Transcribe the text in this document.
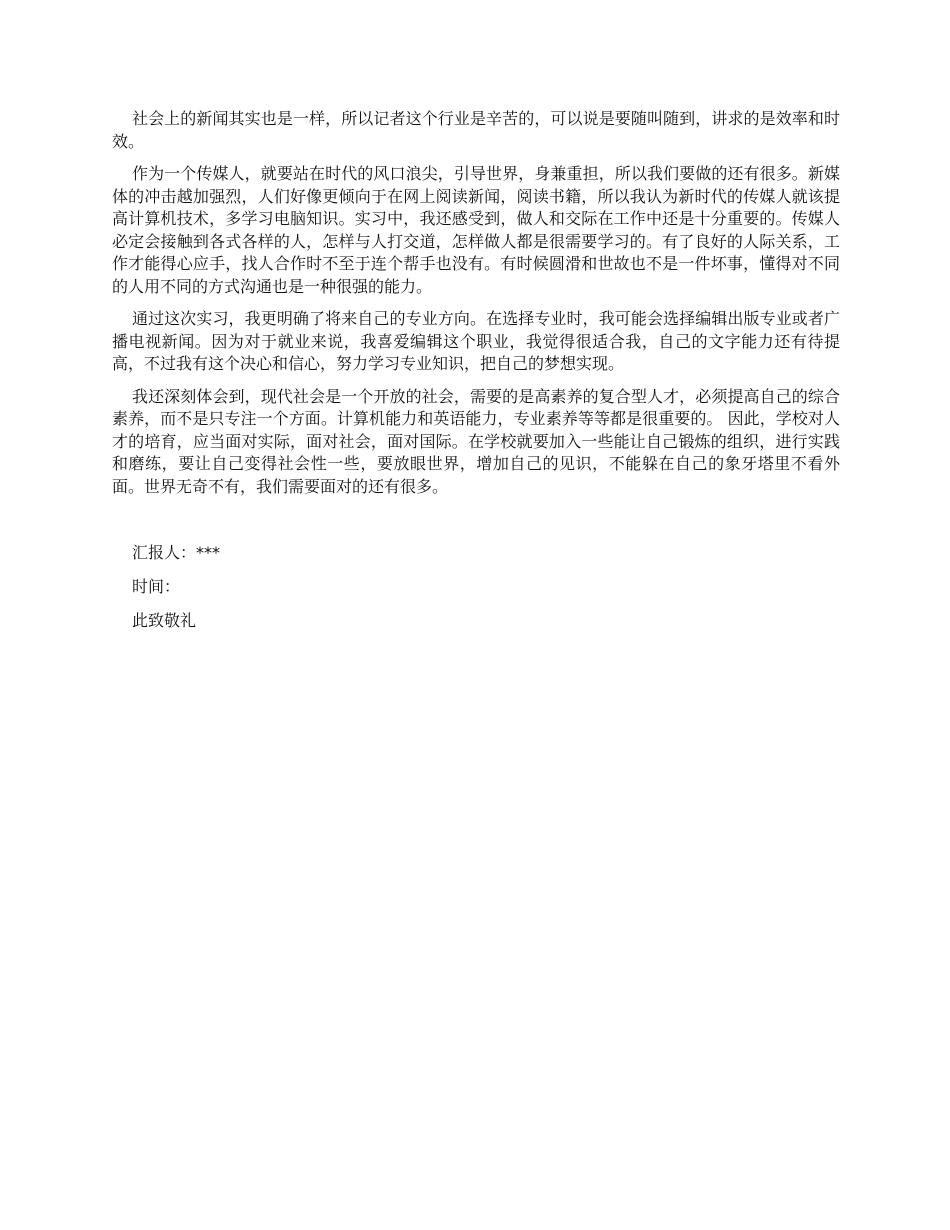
社会上的新闻其实也是一样，所以记者这个行业是辛苦的，可以说是要随叫随到，讲求的是效率和时效。

作为一个传媒人，就要站在时代的风口浪尖，引导世界，身兼重担，所以我们要做的还有很多。新媒体的冲击越加强烈，人们好像更倾向于在网上阅读新闻，阅读书籍，所以我认为新时代的传媒人就该提高计算机技术，多学习电脑知识。实习中，我还感受到，做人和交际在工作中还是十分重要的。传媒人必定会接触到各式各样的人，怎样与人打交道，怎样做人都是很需要学习的。有了良好的人际关系，工作才能得心应手，找人合作时不至于连个帮手也没有。有时候圆滑和世故也不是一件坏事，懂得对不同的人用不同的方式沟通也是一种很强的能力。

通过这次实习，我更明确了将来自己的专业方向。在选择专业时，我可能会选择编辑出版专业或者广播电视新闻。因为对于就业来说，我喜爱编辑这个职业，我觉得很适合我，自己的文字能力还有待提高，不过我有这个决心和信心，努力学习专业知识，把自己的梦想实现。

我还深刻体会到，现代社会是一个开放的社会，需要的是高素养的复合型人才，必须提高自己的综合素养，而不是只专注一个方面。计算机能力和英语能力，专业素养等等都是很重要的。 因此，学校对人才的培育，应当面对实际，面对社会，面对国际。在学校就要加入一些能让自己锻炼的组织，进行实践和磨练，要让自己变得社会性一些，要放眼世界，增加自己的见识，不能躲在自己的象牙塔里不看外面。世界无奇不有，我们需要面对的还有很多。

汇报人：***

时间：

此致敬礼
